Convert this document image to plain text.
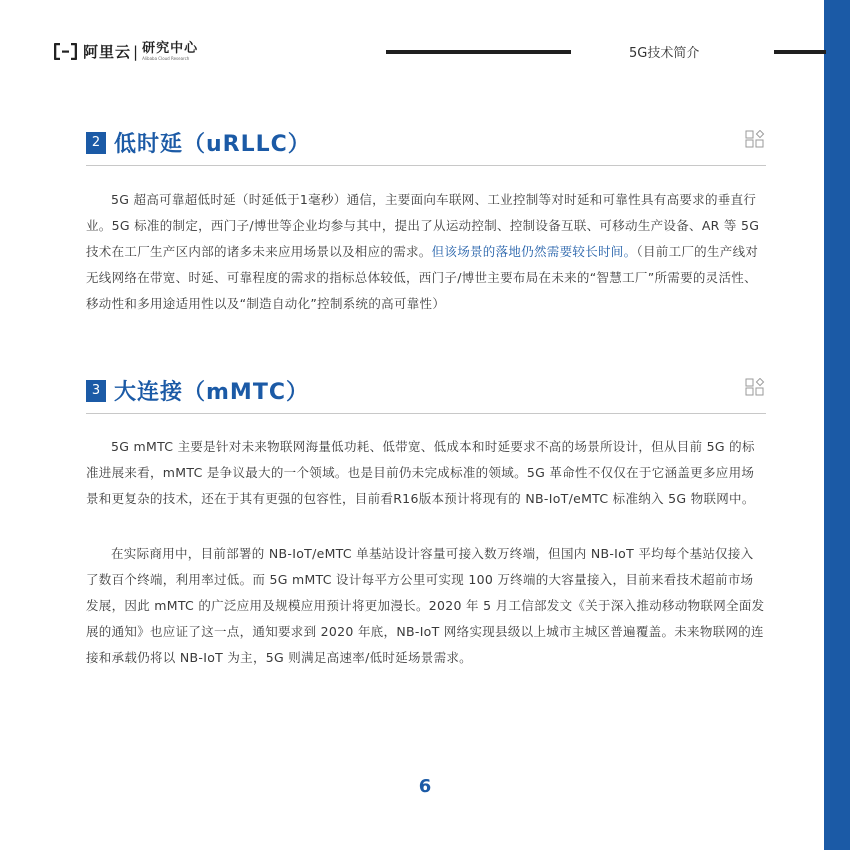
阿里云 | 研究中心
Alibaba Cloud Research	5G技术简介
2 低时延（uRLLC）

5G 超高可靠超低时延（时延低于1毫秒）通信，主要面向车联网、工业控制等对时延和可靠性具有高要求的垂直行业。5G 标准的制定，西门子/博世等企业均参与其中，提出了从运动控制、控制设备互联、可移动生产设备、AR 等 5G 技术在工厂生产区内部的诸多未来应用场景以及相应的需求。但该场景的落地仍然需要较长时间。（目前工厂的生产线对无线网络在带宽、时延、可靠程度的需求的指标总体较低，西门子/博世主要布局在未来的“智慧工厂”所需要的灵活性、移动性和多用途适用性以及“制造自动化”控制系统的高可靠性）

3 大连接（mMTC）

5G mMTC 主要是针对未来物联网海量低功耗、低带宽、低成本和时延要求不高的场景所设计，但从目前 5G 的标准进展来看，mMTC 是争议最大的一个领域。也是目前仍未完成标准的领域。5G 革命性不仅仅在于它涵盖更多应用场景和更复杂的技术，还在于其有更强的包容性，目前看R16版本预计将现有的 NB-IoT/eMTC 标准纳入 5G 物联网中。

在实际商用中，目前部署的 NB-IoT/eMTC 单基站设计容量可接入数万终端，但国内 NB-IoT 平均每个基站仅接入了数百个终端，利用率过低。而 5G mMTC 设计每平方公里可实现 100 万终端的大容量接入，目前来看技术超前市场发展，因此 mMTC 的广泛应用及规模应用预计将更加漫长。2020 年 5 月工信部发文《关于深入推动移动物联网全面发展的通知》也应证了这一点，通知要求到 2020 年底，NB-IoT 网络实现县级以上城市主城区普遍覆盖。未来物联网的连接和承载仍将以 NB-IoT 为主，5G 则满足高速率/低时延场景需求。

6
